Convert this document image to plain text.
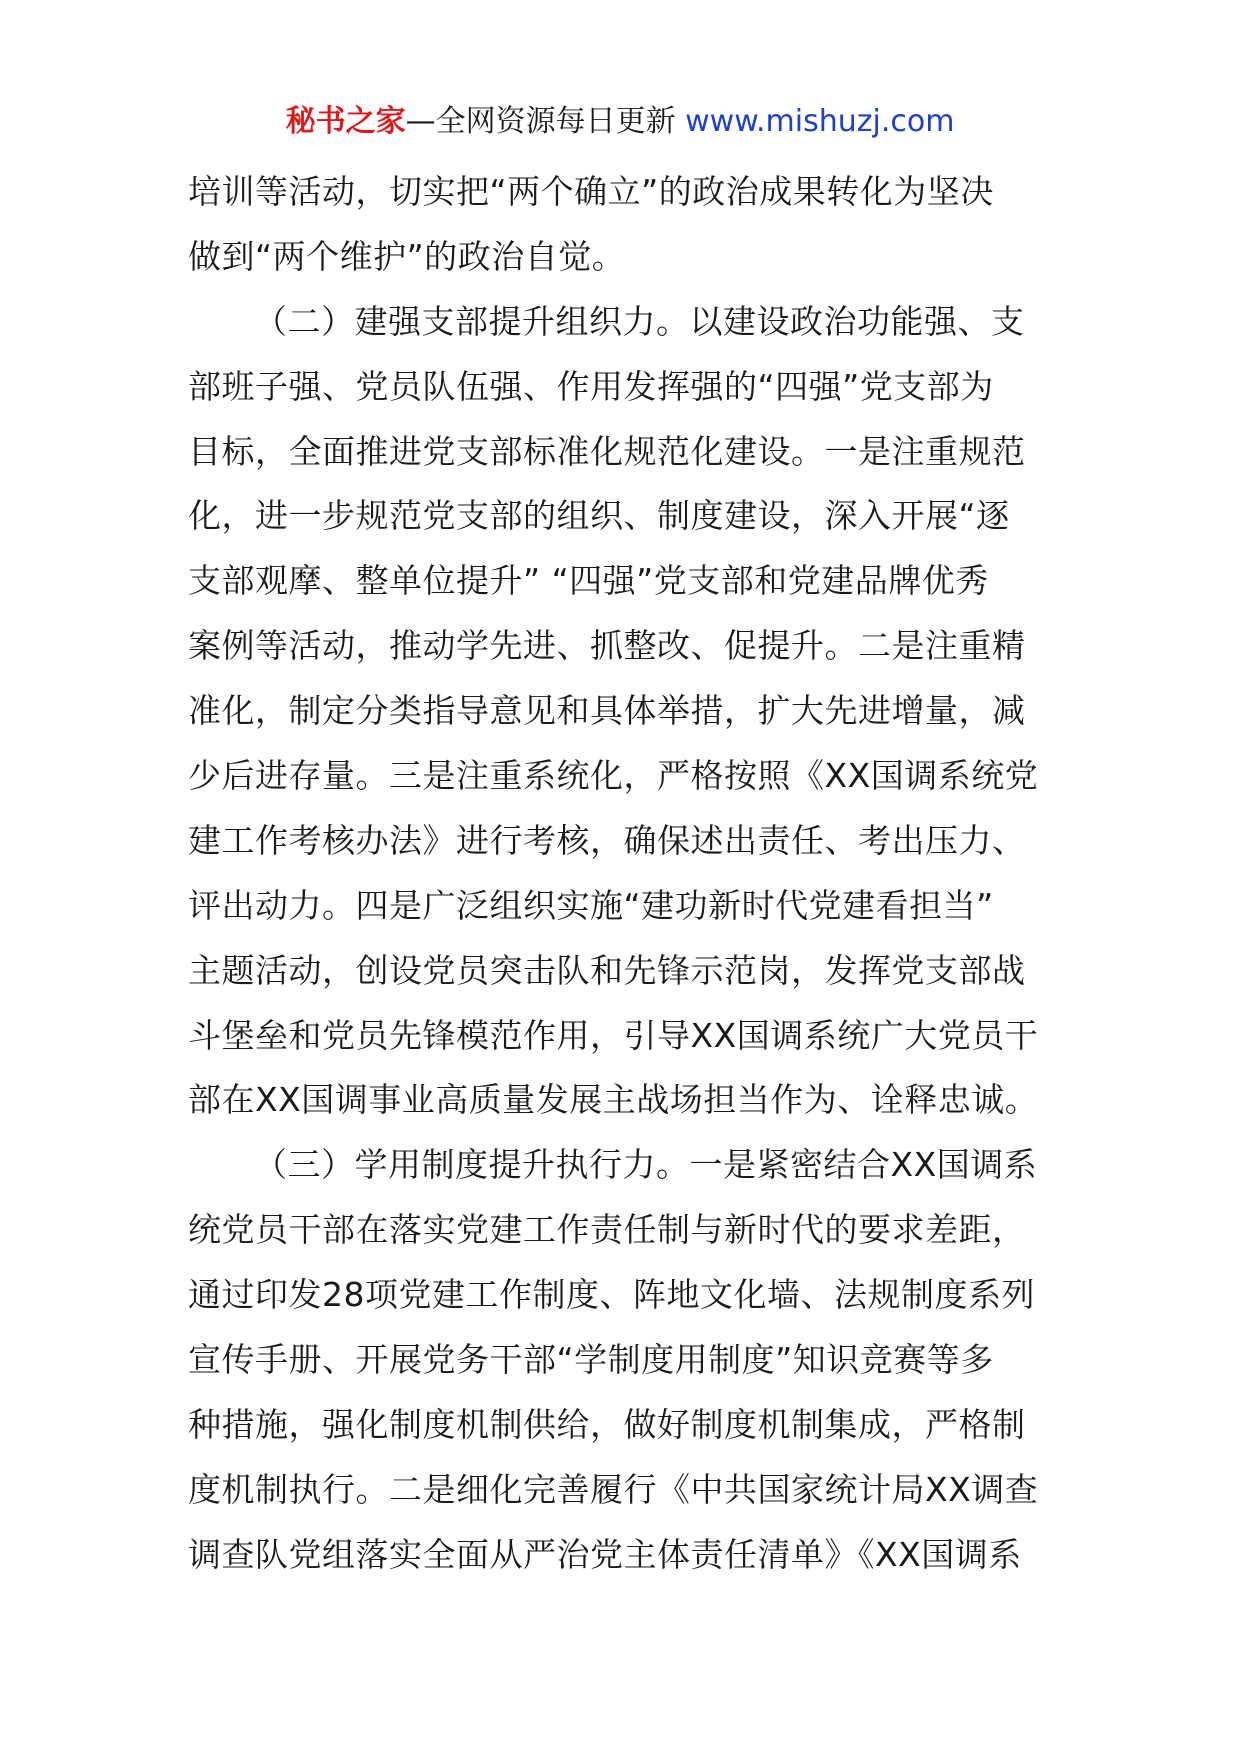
秘书之家—全网资源每日更新 www.mishuzj.com
培训等活动，切实把“两个确立”的政治成果转化为坚决
做到“两个维护”的政治自觉。
（二）建强支部提升组织力。以建设政治功能强、支
部班子强、党员队伍强、作用发挥强的“四强”党支部为
目标，全面推进党支部标准化规范化建设。一是注重规范
化，进一步规范党支部的组织、制度建设，深入开展“逐
支部观摩、整单位提升” “四强”党支部和党建品牌优秀
案例等活动，推动学先进、抓整改、促提升。二是注重精
准化，制定分类指导意见和具体举措，扩大先进增量，减
少后进存量。三是注重系统化，严格按照《XX国调系统党
建工作考核办法》进行考核，确保述出责任、考出压力、
评出动力。四是广泛组织实施“建功新时代党建看担当”
主题活动，创设党员突击队和先锋示范岗，发挥党支部战
斗堡垒和党员先锋模范作用，引导XX国调系统广大党员干
部在XX国调事业高质量发展主战场担当作为、诠释忠诚。
（三）学用制度提升执行力。一是紧密结合XX国调系
统党员干部在落实党建工作责任制与新时代的要求差距，
通过印发28项党建工作制度、阵地文化墙、法规制度系列
宣传手册、开展党务干部“学制度用制度”知识竞赛等多
种措施，强化制度机制供给，做好制度机制集成，严格制
度机制执行。二是细化完善履行《中共国家统计局XX调查
调查队党组落实全面从严治党主体责任清单》《XX国调系
